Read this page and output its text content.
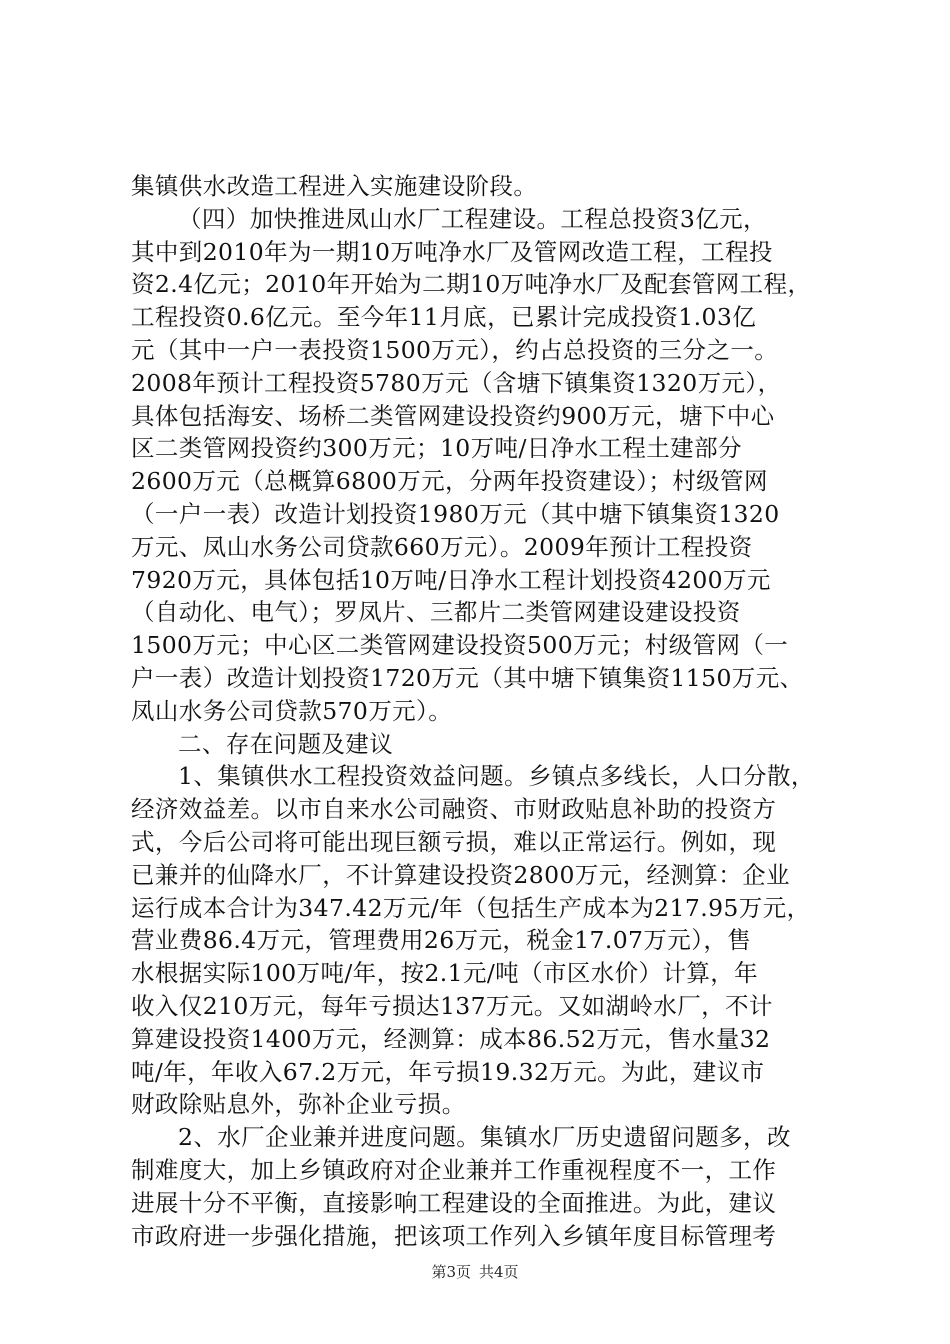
集镇供水改造工程进入实施建设阶段。
（四）加快推进凤山水厂工程建设。工程总投资3亿元，
其中到2010年为一期10万吨净水厂及管网改造工程，工程投
资2.4亿元；2010年开始为二期10万吨净水厂及配套管网工程，
工程投资0.6亿元。至今年11月底，已累计完成投资1.03亿
元（其中一户一表投资1500万元），约占总投资的三分之一。
2008年预计工程投资5780万元（含塘下镇集资1320万元），
具体包括海安、场桥二类管网建设投资约900万元，塘下中心
区二类管网投资约300万元；10万吨/日净水工程土建部分
2600万元（总概算6800万元，分两年投资建设）；村级管网
（一户一表）改造计划投资1980万元（其中塘下镇集资1320
万元、凤山水务公司贷款660万元）。2009年预计工程投资
7920万元，具体包括10万吨/日净水工程计划投资4200万元
（自动化、电气）；罗凤片、三都片二类管网建设建设投资
1500万元；中心区二类管网建设投资500万元；村级管网（一
户一表）改造计划投资1720万元（其中塘下镇集资1150万元、
凤山水务公司贷款570万元）。
二、存在问题及建议
1、集镇供水工程投资效益问题。乡镇点多线长，人口分散，
经济效益差。以市自来水公司融资、市财政贴息补助的投资方
式，今后公司将可能出现巨额亏损，难以正常运行。例如，现
已兼并的仙降水厂，不计算建设投资2800万元，经测算：企业
运行成本合计为347.42万元/年（包括生产成本为217.95万元，
营业费86.4万元，管理费用26万元，税金17.07万元），售
水根据实际100万吨/年，按2.1元/吨（市区水价）计算，年
收入仅210万元，每年亏损达137万元。又如湖岭水厂，不计
算建设投资1400万元，经测算：成本86.52万元，售水量32
吨/年，年收入67.2万元，年亏损19.32万元。为此，建议市
财政除贴息外，弥补企业亏损。
2、水厂企业兼并进度问题。集镇水厂历史遗留问题多，改
制难度大，加上乡镇政府对企业兼并工作重视程度不一，工作
进展十分不平衡，直接影响工程建设的全面推进。为此，建议
市政府进一步强化措施，把该项工作列入乡镇年度目标管理考
第3页 共4页
